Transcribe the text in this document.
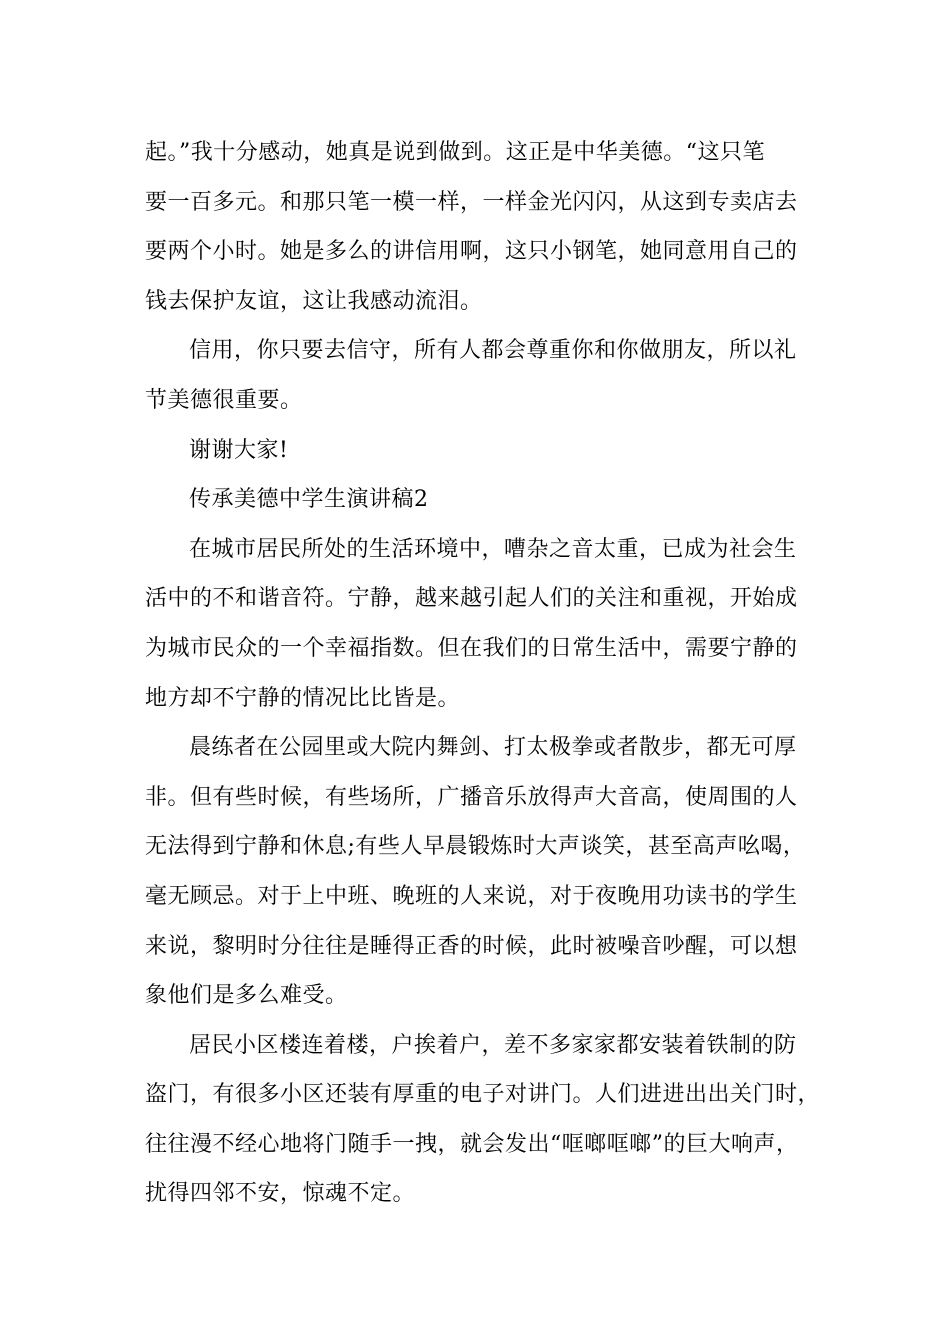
起。”我十分感动，她真是说到做到。这正是中华美德。“这只笔
要一百多元。和那只笔一模一样，一样金光闪闪，从这到专卖店去
要两个小时。她是多么的讲信用啊，这只小钢笔，她同意用自己的
钱去保护友谊，这让我感动流泪。
信用，你只要去信守，所有人都会尊重你和你做朋友，所以礼
节美德很重要。
谢谢大家!
传承美德中学生演讲稿2
在城市居民所处的生活环境中，嘈杂之音太重，已成为社会生
活中的不和谐音符。宁静，越来越引起人们的关注和重视，开始成
为城市民众的一个幸福指数。但在我们的日常生活中，需要宁静的
地方却不宁静的情况比比皆是。
晨练者在公园里或大院内舞剑、打太极拳或者散步，都无可厚
非。但有些时候，有些场所，广播音乐放得声大音高，使周围的人
无法得到宁静和休息;有些人早晨锻炼时大声谈笑，甚至高声吆喝，
毫无顾忌。对于上中班、晚班的人来说，对于夜晚用功读书的学生
来说，黎明时分往往是睡得正香的时候，此时被噪音吵醒，可以想
象他们是多么难受。
居民小区楼连着楼，户挨着户，差不多家家都安装着铁制的防
盗门，有很多小区还装有厚重的电子对讲门。人们进进出出关门时，
往往漫不经心地将门随手一拽，就会发出“哐啷哐啷”的巨大响声，
扰得四邻不安，惊魂不定。
